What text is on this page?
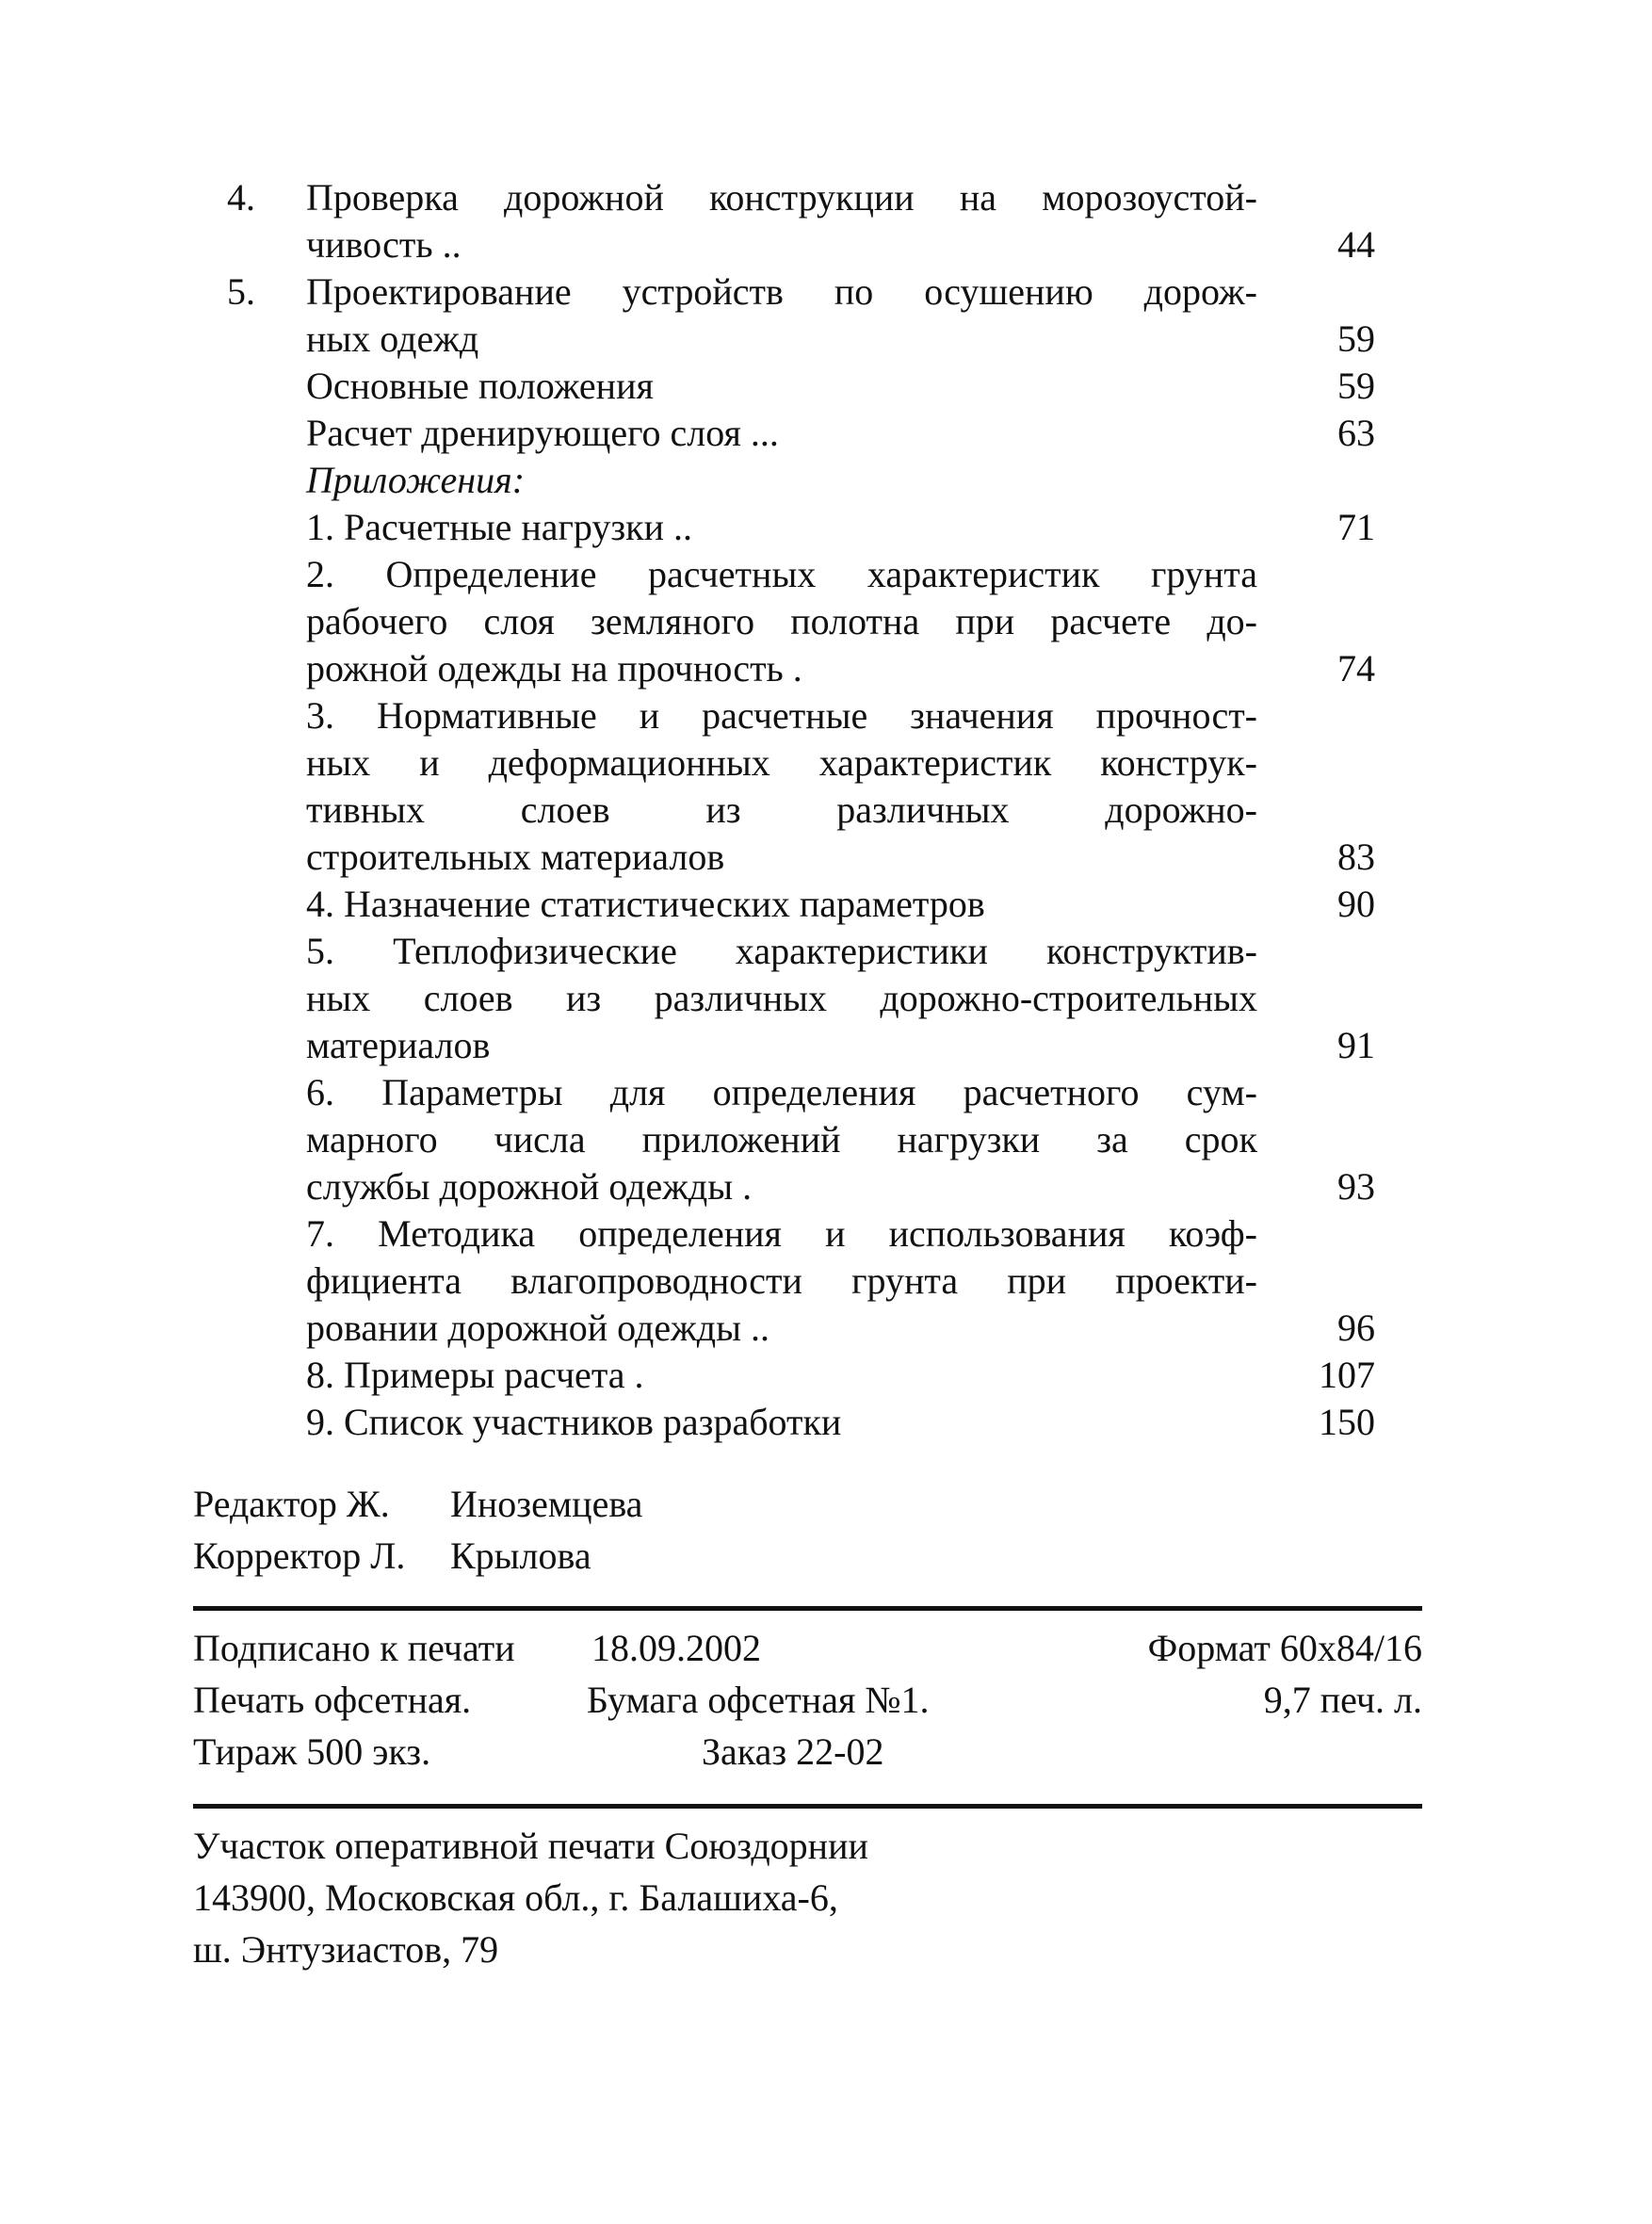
4. Проверка дорожной конструкции на морозоустой-
чивость ..	44
5. Проектирование устройств по осушению дорож-
ных одежд	59
Основные положения	59
Расчет дренирующего слоя ...	63
Приложения:
1. Расчетные нагрузки ..	71
2. Определение расчетных характеристик грунта
рабочего слоя земляного полотна при расчете до-
рожной одежды на прочность .	74
3. Нормативные и расчетные значения прочност-
ных и деформационных характеристик конструк-
тивных слоев из различных дорожно-
строительных материалов	83
4. Назначение статистических параметров	90
5. Теплофизические характеристики конструктив-
ных слоев из различных дорожно-строительных
материалов	91
6. Параметры для определения расчетного сум-
марного числа приложений нагрузки за срок
службы дорожной одежды .	93
7. Методика определения и использования коэф-
фициента влагопроводности грунта при проекти-
ровании дорожной одежды ..	96
8. Примеры расчета .	107
9. Список участников разработки	150
Редактор Ж. Иноземцева
Корректор Л. Крылова
Подписано к печати 18.09.2002	Формат 60x84/16
Печать офсетная.	Бумага офсетная №1.	9,7 печ. л.
Тираж 500 экз.	Заказ 22-02
Участок оперативной печати Союздорнии
143900, Московская обл., г. Балашиха-6,
ш. Энтузиастов, 79
